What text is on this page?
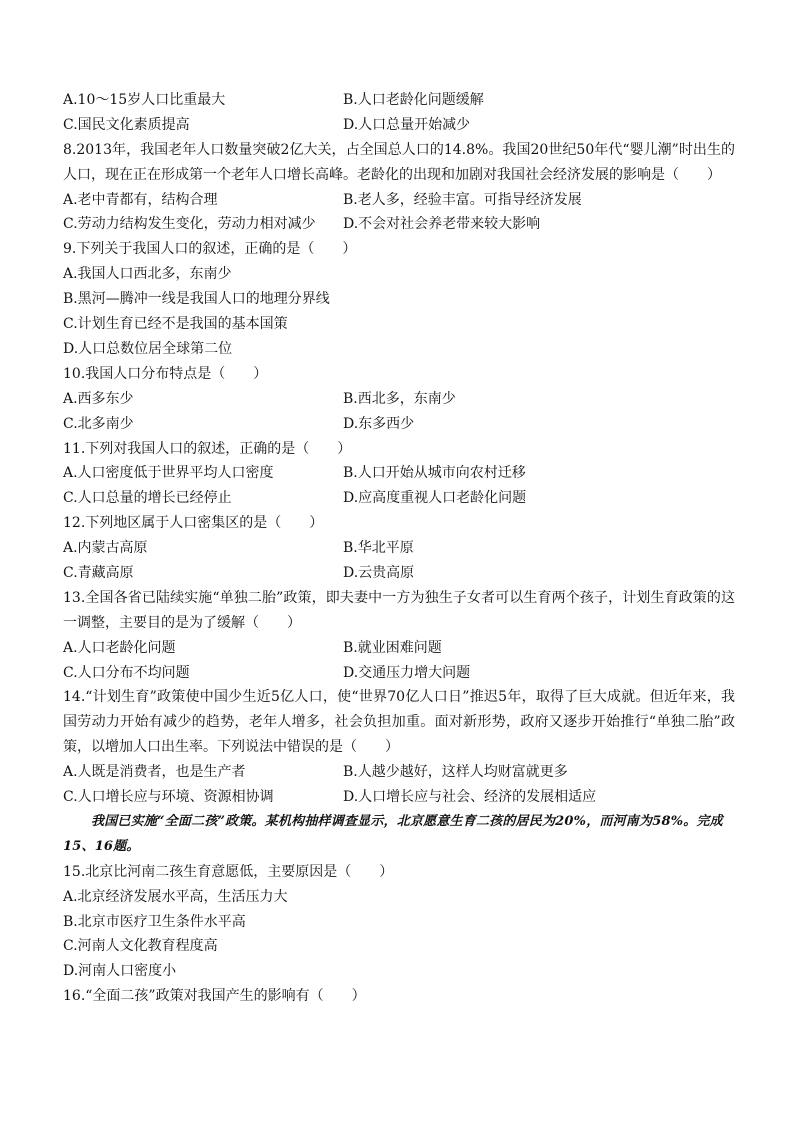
A.10～15岁人口比重最大	B.人口老龄化问题缓解
C.国民文化素质提高	D.人口总量开始减少
8.2013年，我国老年人口数量突破2亿大关，占全国总人口的14.8%。我国20世纪50年代“婴儿潮”时出生的人口，现在正在形成第一个老年人口增长高峰。老龄化的出现和加剧对我国社会经济发展的影响是（　　）
A.老中青都有，结构合理	B.老人多，经验丰富。可指导经济发展
C.劳动力结构发生变化，劳动力相对减少	D.不会对社会养老带来较大影响
9.下列关于我国人口的叙述，正确的是（　　）
A.我国人口西北多，东南少
B.黑河—腾冲一线是我国人口的地理分界线
C.计划生育已经不是我国的基本国策
D.人口总数位居全球第二位
10.我国人口分布特点是（　　）
A.西多东少	B.西北多，东南少
C.北多南少	D.东多西少
11.下列对我国人口的叙述，正确的是（　　）
A.人口密度低于世界平均人口密度	B.人口开始从城市向农村迁移
C.人口总量的增长已经停止	D.应高度重视人口老龄化问题
12.下列地区属于人口密集区的是（　　）
A.内蒙古高原	B.华北平原
C.青藏高原	D.云贵高原
13.全国各省已陆续实施“单独二胎”政策，即夫妻中一方为独生子女者可以生育两个孩子，计划生育政策的这一调整，主要目的是为了缓解（　　）
A.人口老龄化问题	B.就业困难问题
C.人口分布不均问题	D.交通压力增大问题
14.“计划生育”政策使中国少生近5亿人口，使“世界70亿人口日”推迟5年，取得了巨大成就。但近年来，我国劳动力开始有减少的趋势，老年人增多，社会负担加重。面对新形势，政府又逐步开始推行“单独二胎”政策，以增加人口出生率。下列说法中错误的是（　　）
A.人既是消费者，也是生产者	B.人越少越好，这样人均财富就更多
C.人口增长应与环境、资源相协调	D.人口增长应与社会、经济的发展相适应
我国已实施“全面二孩”政策。某机构抽样调查显示，北京愿意生育二孩的居民为20%，而河南为58%。完成15、16题。
15.北京比河南二孩生育意愿低，主要原因是（　　）
A.北京经济发展水平高，生活压力大
B.北京市医疗卫生条件水平高
C.河南人文化教育程度高
D.河南人口密度小
16.“全面二孩”政策对我国产生的影响有（　　）
